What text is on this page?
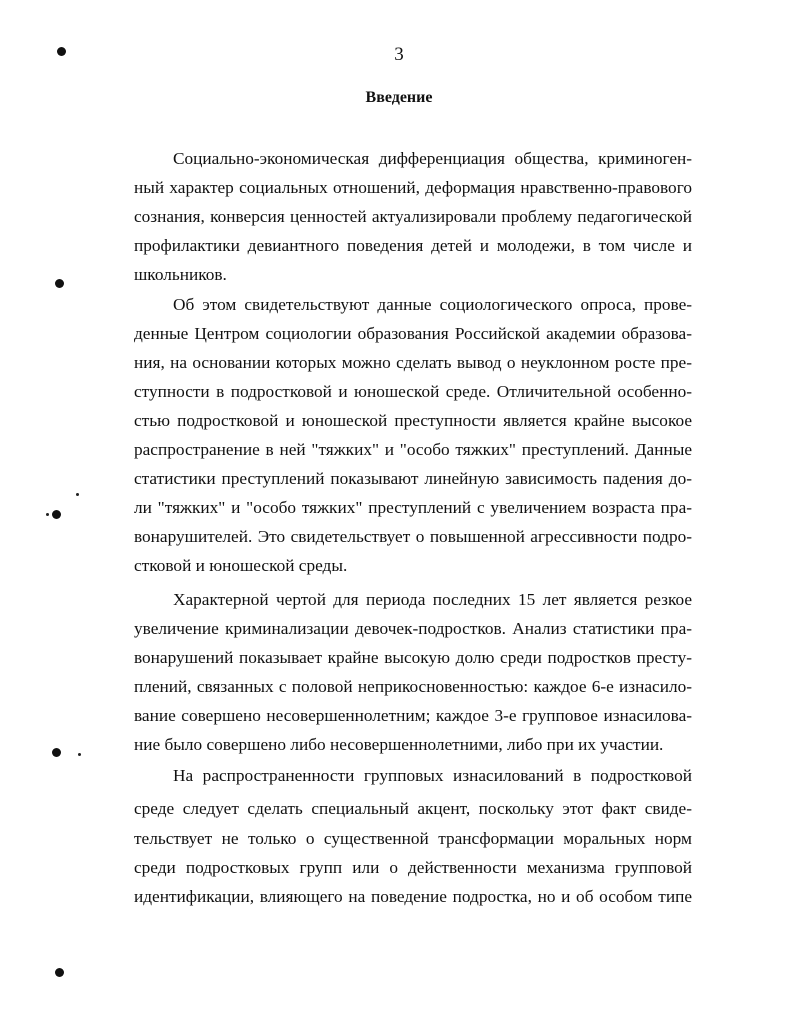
3
Введение
Социально-экономическая дифференциация общества, криминоген-
ный характер социальных отношений, деформация нравственно-правового
сознания, конверсия ценностей актуализировали проблему педагогической
профилактики девиантного поведения детей и молодежи, в том числе и
школьников.
Об этом свидетельствуют данные социологического опроса, прове-
денные Центром социологии образования Российской академии образова-
ния, на основании которых можно сделать вывод о неуклонном росте пре-
ступности в подростковой и юношеской среде. Отличительной особенно-
стью подростковой и юношеской преступности является крайне высокое
распространение в ней "тяжких" и "особо тяжких" преступлений. Данные
статистики преступлений показывают линейную зависимость падения до-
ли "тяжких" и "особо тяжких" преступлений с увеличением возраста пра-
вонарушителей. Это свидетельствует о повышенной агрессивности подро-
стковой и юношеской среды.
Характерной чертой для периода последних 15 лет является резкое
увеличение криминализации девочек-подростков. Анализ статистики пра-
вонарушений показывает крайне высокую долю среди подростков престу-
плений, связанных с половой неприкосновенностью: каждое 6-е изнасило-
вание совершено несовершеннолетним; каждое 3-е групповое изнасилова-
ние было совершено либо несовершеннолетними, либо при их участии.
На распространенности групповых изнасилований в подростковой
среде следует сделать специальный акцент, поскольку этот факт свиде-
тельствует не только о существенной трансформации моральных норм
среди подростковых групп или о действенности механизма групповой
идентификации, влияющего на поведение подростка, но и об особом типе
